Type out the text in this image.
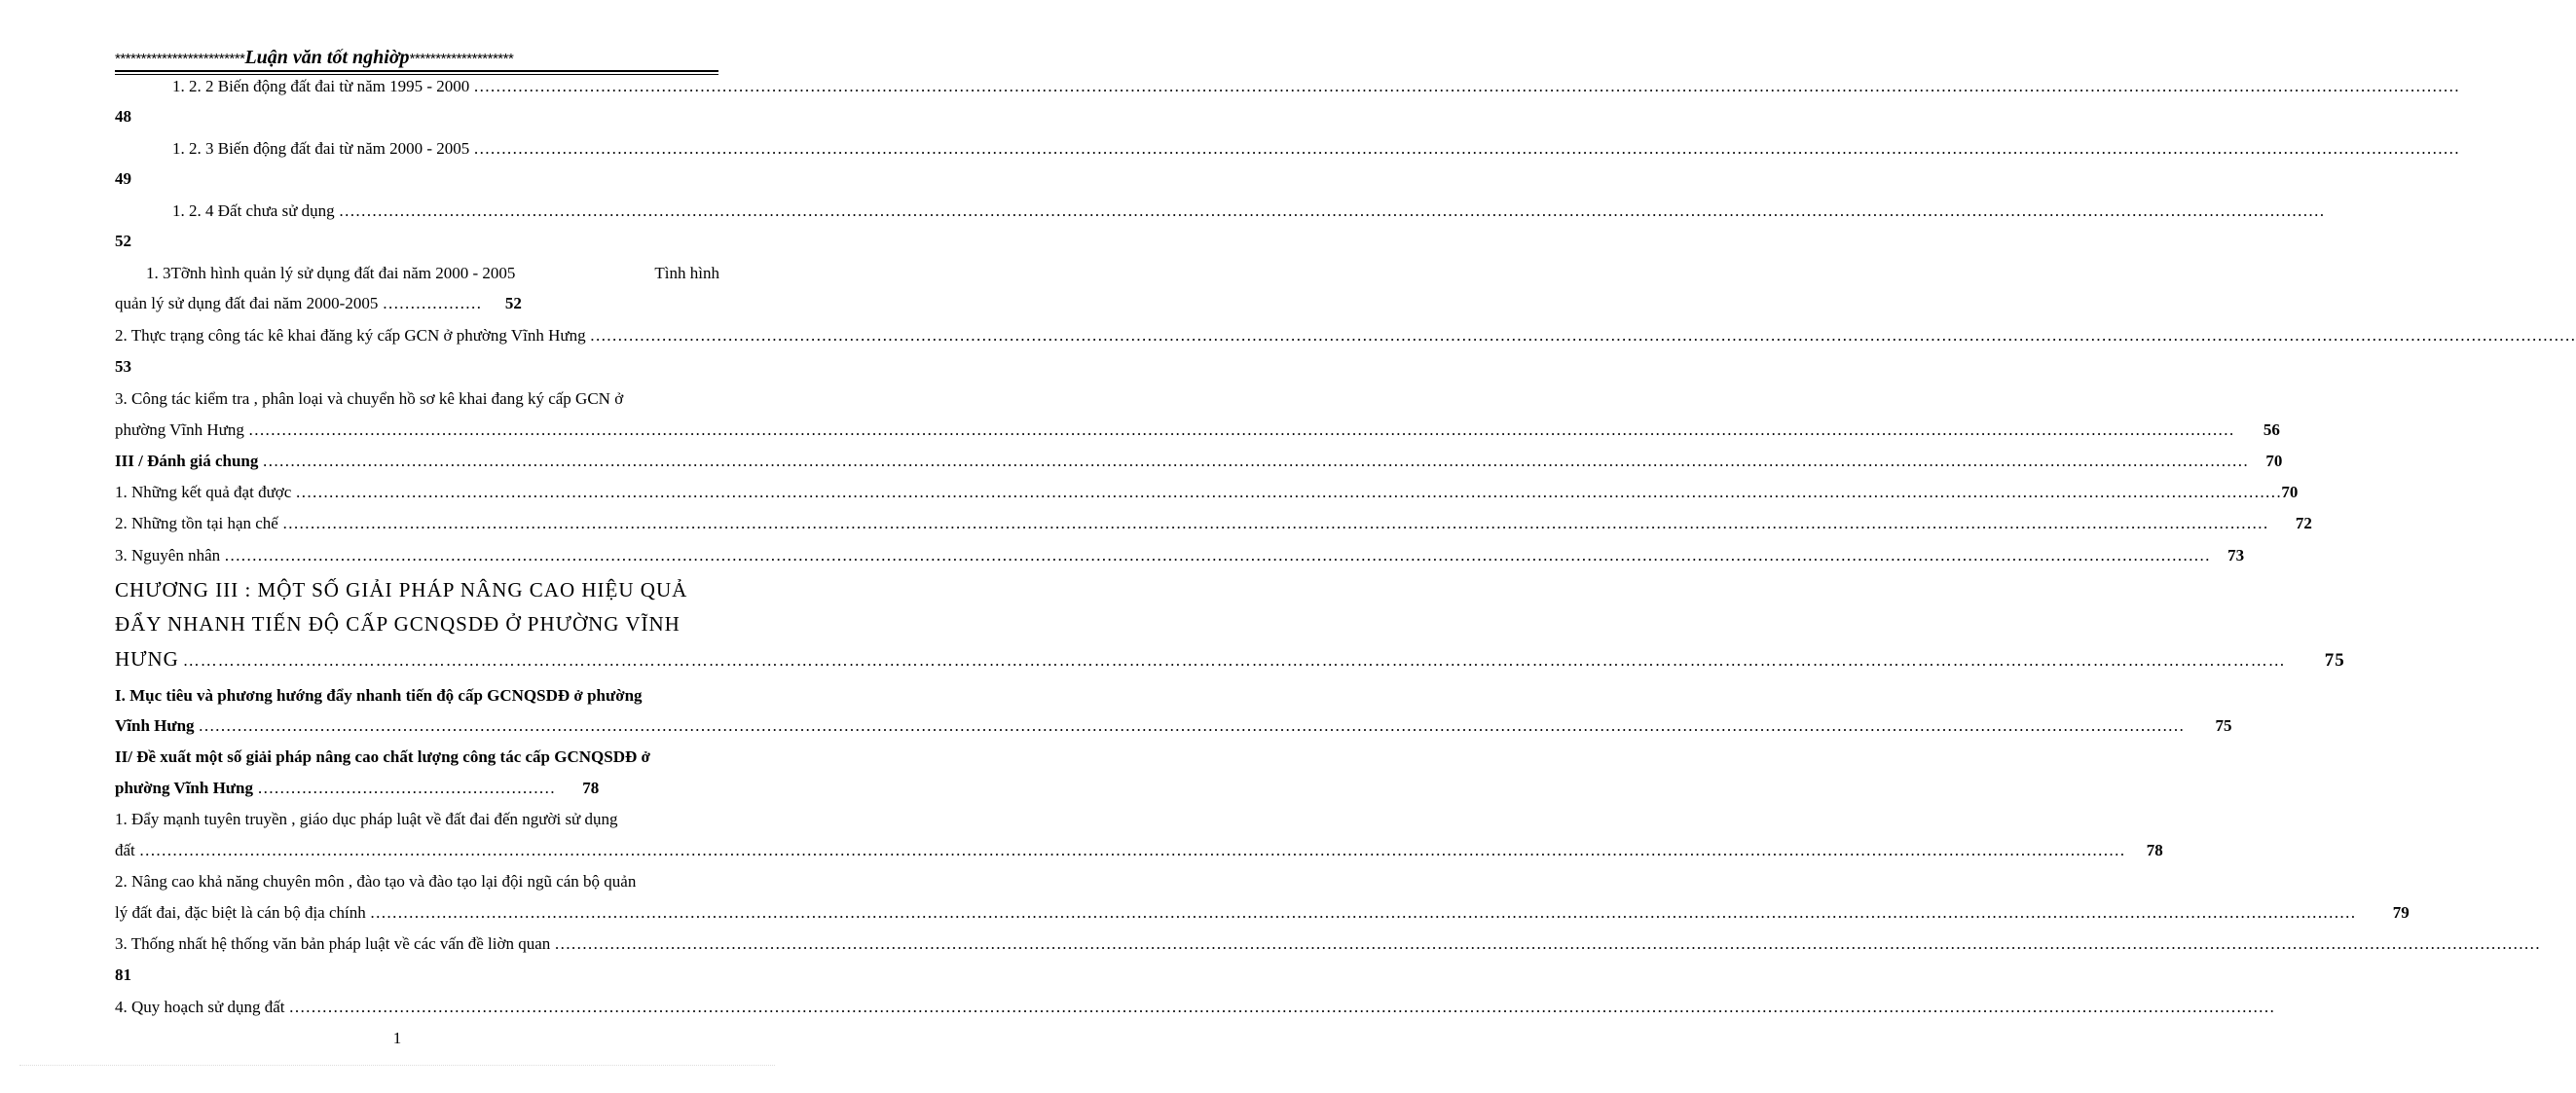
*************************Luận văn tốt nghiờp********************
1. 2. 2 Biến động đất đai từ năm 1995 - 2000 ………………………………………………………………………………………………………………………………………………………………………………………………………………………………………………………………………………………………………………………………
48
1. 2. 3 Biến động đất đai từ năm 2000 - 2005 ………………………………………………………………………………………………………………………………………………………………………………………………………………………………………………………………………………………………………………………………
49
1. 2. 4 Đất chưa sử dụng ………………………………………………………………………………………………………………………………………………………………………………………………………………………………………………………………………………………………………………………………
52
1. 3Tỡnh hình quản lý sử dụng đất đai năm 2000 - 2005	Tình hình
quản lý sử dụng đất đai năm 2000-2005 ……………… 52
2. Thực trạng công tác kê khai đăng ký cấp GCN ở phường Vĩnh Hưng ………………………………………………………………………………………………………………………………………………………………………………………………………………………………………………………………………………………………………………………………
53
3. Công tác kiểm tra , phân loại và chuyển hồ sơ kê khai đang ký cấp GCN ở
phường Vĩnh Hưng ……………………………………………………………………………………………………………………………………………………………………………………………………………………………………………………………………………………………………………………………… 56
III / Đánh giá chung ……………………………………………………………………………………………………………………………………………………………………………………………………………………………………………………………………………………………………………………………… 70
1. Những kết quả đạt được ……………………………………………………………………………………………………………………………………………………………………………………………………………………………………………………………………………………………………………………………… 70
2. Những tồn tại hạn chế ……………………………………………………………………………………………………………………………………………………………………………………………………………………………………………………………………………………………………………………………… 72
3. Nguyên nhân ……………………………………………………………………………………………………………………………………………………………………………………………………………………………………………………………………………………………………………………………… 73
CHƯƠNG III : MỘT SỐ GIẢI PHÁP NÂNG CAO HIỆU QUẢ
ĐẨY NHANH TIẾN ĐỘ CẤP GCNQSDĐ Ở PHƯỜNG VĨNH
HƯNG ……………………………………………………………………………………………………………………………………………………………………………………………………………………………………………………………………………………………………………………………… 75
I. Mục tiêu và phương hướng đẩy nhanh tiến độ cấp GCNQSDĐ ở phường
Vĩnh Hưng ……………………………………………………………………………………………………………………………………………………………………………………………………………………………………………………………………………………………………………………………… 75
II/ Đề xuất một số giải pháp nâng cao chất lượng công tác cấp GCNQSDĐ ở
phường Vĩnh Hưng ……………………………………………… 78
1. Đẩy mạnh tuyên truyền , giáo dục pháp luật về đất đai đến người sử dụng
đất ……………………………………………………………………………………………………………………………………………………………………………………………………………………………………………………………………………………………………………………………… 78
2. Nâng cao khả năng chuyên môn , đào tạo và đào tạo lại đội ngũ cán bộ quản
lý đất đai, đặc biệt là cán bộ địa chính ……………………………………………………………………………………………………………………………………………………………………………………………………………………………………………………………………………………………………………………………… 79
3. Thống nhất hệ thống văn bản pháp luật về các vấn đề liờn quan ………………………………………………………………………………………………………………………………………………………………………………………………………………………………………………………………………………………………………………………………
81
4. Quy hoạch sử dụng đất ………………………………………………………………………………………………………………………………………………………………………………………………………………………………………………………………………………………………………………………………
1
